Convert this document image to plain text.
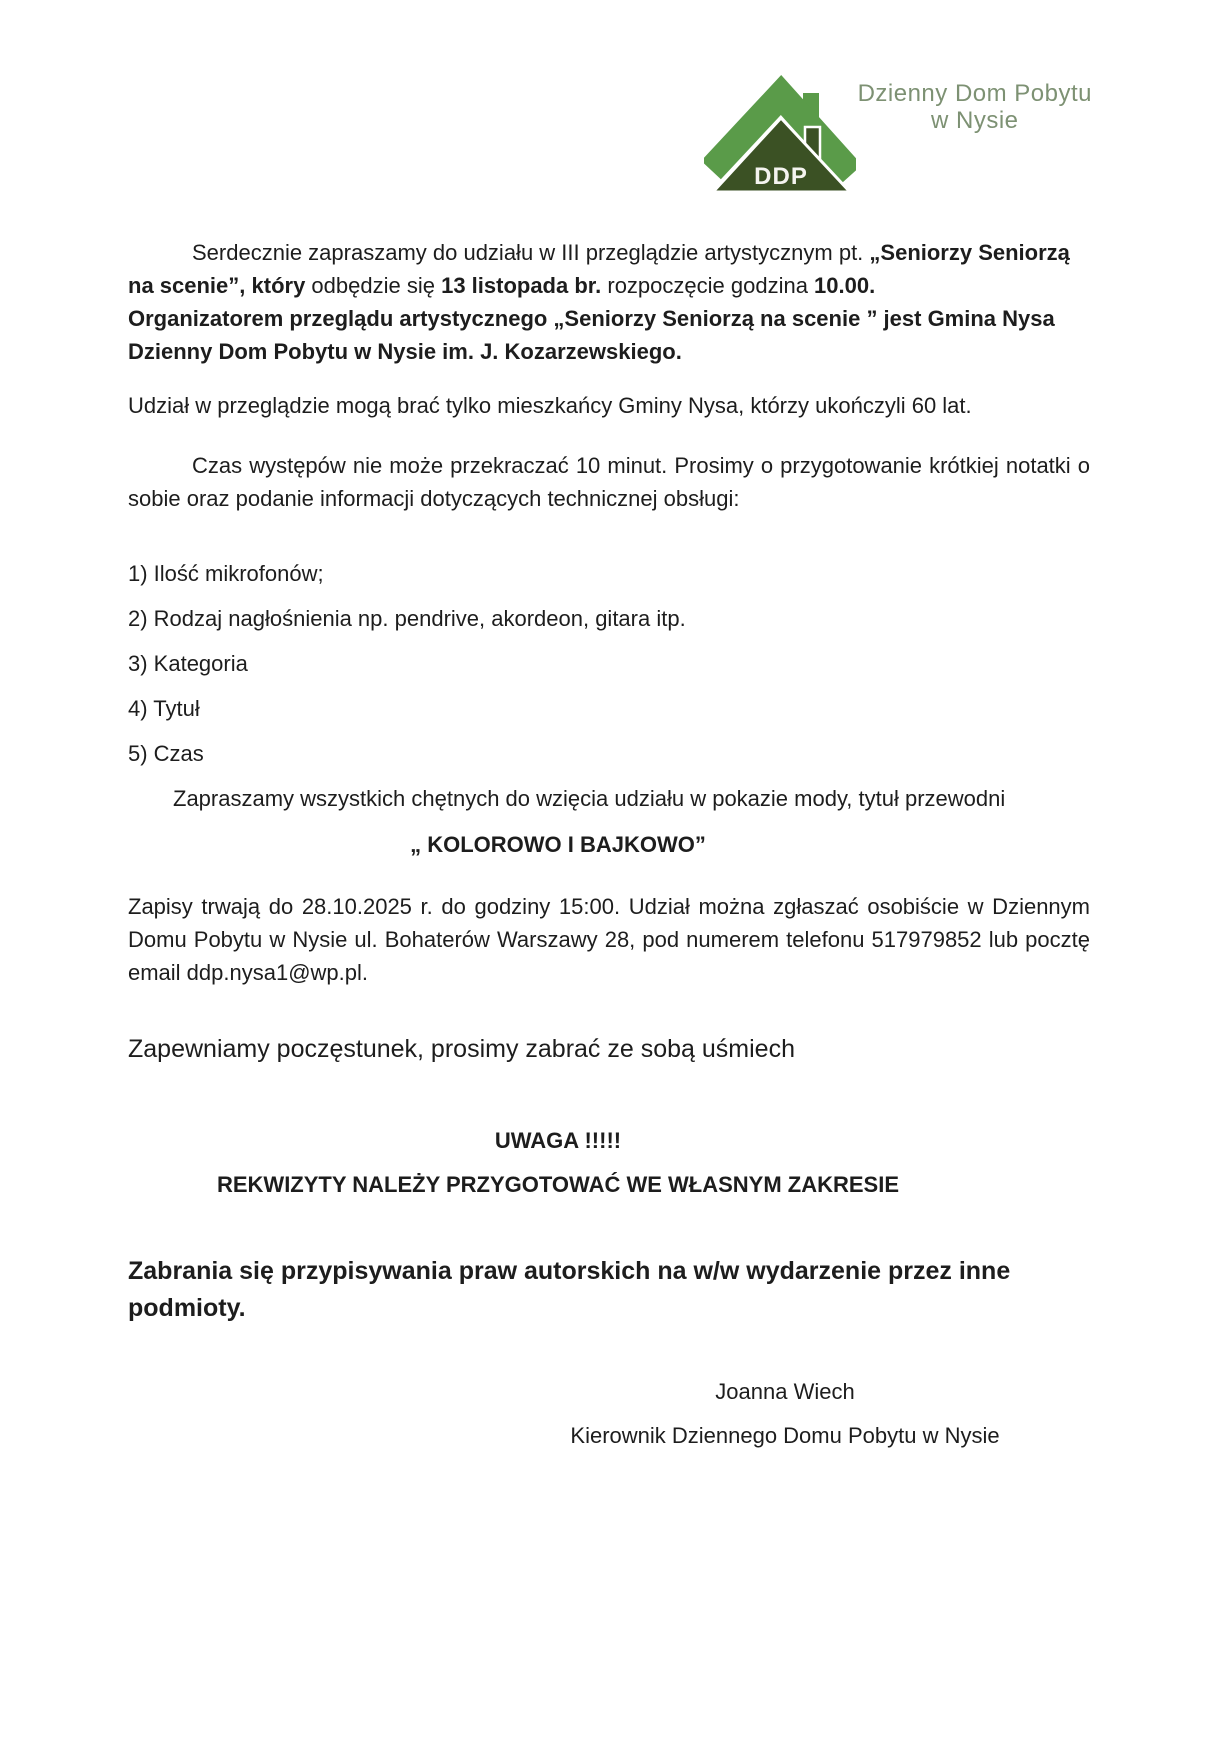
DDP
Dzienny Dom Pobytu
w Nysie

Serdecznie zapraszamy do udziału w III przeglądzie artystycznym pt. „Seniorzy Seniorzą na scenie”, który odbędzie się 13 listopada br. rozpoczęcie godzina 10.00.
Organizatorem przeglądu artystycznego „Seniorzy Seniorzą na scenie ” jest Gmina Nysa Dzienny Dom Pobytu w Nysie im. J. Kozarzewskiego.

Udział w przeglądzie mogą brać tylko mieszkańcy Gminy Nysa, którzy ukończyli 60 lat.

Czas występów nie może przekraczać 10 minut. Prosimy o przygotowanie krótkiej notatki o sobie oraz podanie informacji dotyczących technicznej obsługi:

1) Ilość mikrofonów;
2) Rodzaj nagłośnienia np. pendrive, akordeon, gitara itp.
3) Kategoria
4) Tytuł
5) Czas

Zapraszamy wszystkich chętnych do wzięcia udziału w pokazie mody, tytuł przewodni

„ KOLOROWO I BAJKOWO”

Zapisy trwają do 28.10.2025 r. do godziny 15:00. Udział można zgłaszać osobiście w Dziennym Domu Pobytu w Nysie ul. Bohaterów Warszawy 28, pod numerem telefonu 517979852 lub pocztę email ddp.nysa1@wp.pl.

Zapewniamy poczęstunek, prosimy zabrać ze sobą uśmiech

UWAGA !!!!!

REKWIZYTY NALEŻY PRZYGOTOWAĆ WE WŁASNYM ZAKRESIE

Zabrania się przypisywania praw autorskich na w/w wydarzenie przez inne podmioty.

Joanna Wiech
Kierownik Dziennego Domu Pobytu w Nysie
